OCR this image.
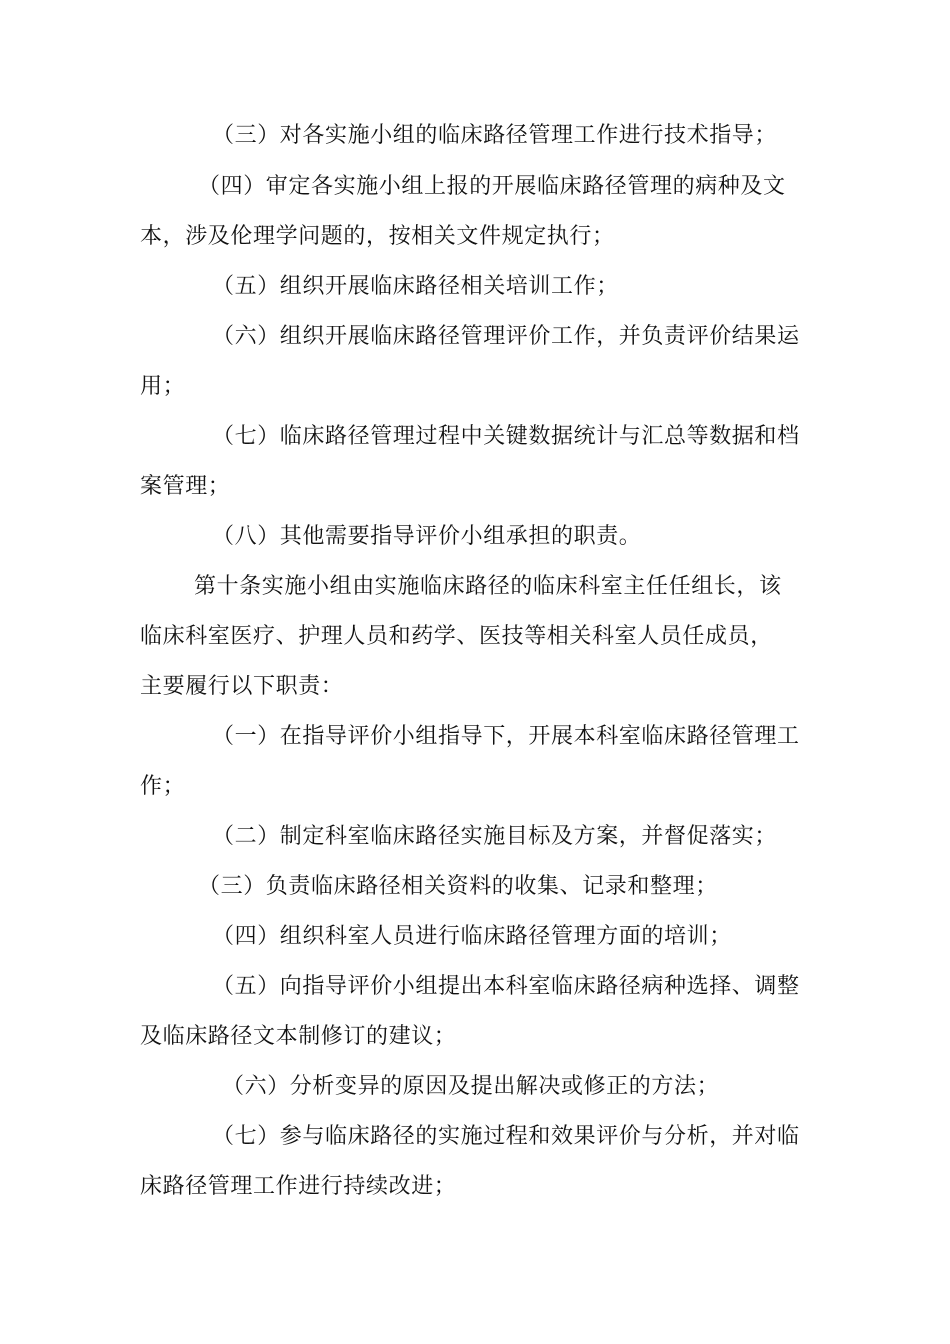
（三）对各实施小组的临床路径管理工作进行技术指导；
（四）审定各实施小组上报的开展临床路径管理的病种及文
本，涉及伦理学问题的，按相关文件规定执行；
（五）组织开展临床路径相关培训工作；
（六）组织开展临床路径管理评价工作，并负责评价结果运
用；
（七）临床路径管理过程中关键数据统计与汇总等数据和档
案管理；
（八）其他需要指导评价小组承担的职责。
第十条实施小组由实施临床路径的临床科室主任任组长，该
临床科室医疗、护理人员和药学、医技等相关科室人员任成员，
主要履行以下职责：
（一）在指导评价小组指导下，开展本科室临床路径管理工
作；
（二）制定科室临床路径实施目标及方案，并督促落实；
（三）负责临床路径相关资料的收集、记录和整理；
（四）组织科室人员进行临床路径管理方面的培训；
（五）向指导评价小组提出本科室临床路径病种选择、调整
及临床路径文本制修订的建议；
（六）分析变异的原因及提出解决或修正的方法；
（七）参与临床路径的实施过程和效果评价与分析，并对临
床路径管理工作进行持续改进；
